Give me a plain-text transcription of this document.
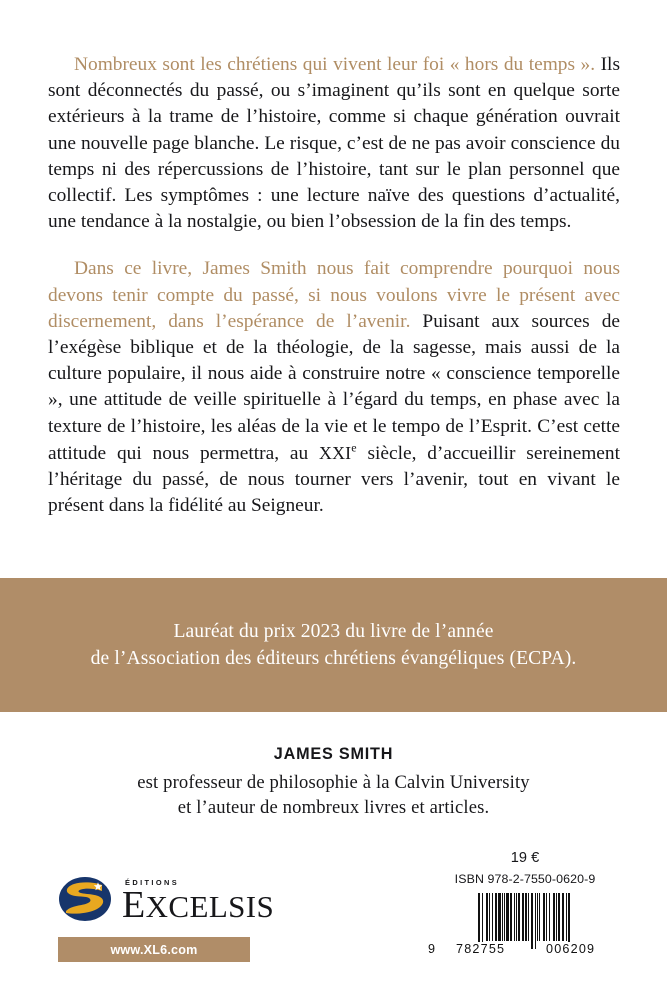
Nombreux sont les chrétiens qui vivent leur foi « hors du temps ». Ils sont déconnectés du passé, ou s’imaginent qu’ils sont en quelque sorte extérieurs à la trame de l’histoire, comme si chaque génération ouvrait une nouvelle page blanche. Le risque, c’est de ne pas avoir conscience du temps ni des répercussions de l’histoire, tant sur le plan personnel que collectif. Les symptômes : une lecture naïve des questions d’actualité, une tendance à la nostalgie, ou bien l’obsession de la fin des temps.

Dans ce livre, James Smith nous fait comprendre pourquoi nous devons tenir compte du passé, si nous voulons vivre le présent avec discernement, dans l’espérance de l’avenir. Puisant aux sources de l’exégèse biblique et de la théologie, de la sagesse, mais aussi de la culture populaire, il nous aide à construire notre « conscience temporelle », une attitude de veille spirituelle à l’égard du temps, en phase avec la texture de l’histoire, les aléas de la vie et le tempo de l’Esprit. C’est cette attitude qui nous permettra, au XXIe siècle, d’accueillir sereinement l’héritage du passé, de nous tourner vers l’avenir, tout en vivant le présent dans la fidélité au Seigneur.

Lauréat du prix 2023 du livre de l’année
de l’Association des éditeurs chrétiens évangéliques (ECPA).
JAMES SMITH
est professeur de philosophie à la Calvin University
et l’auteur de nombreux livres et articles.
ÉDITIONS
EXCELSIS
www.XL6.com
19 €
ISBN 978-2-7550-0620-9
9 782755	006209
